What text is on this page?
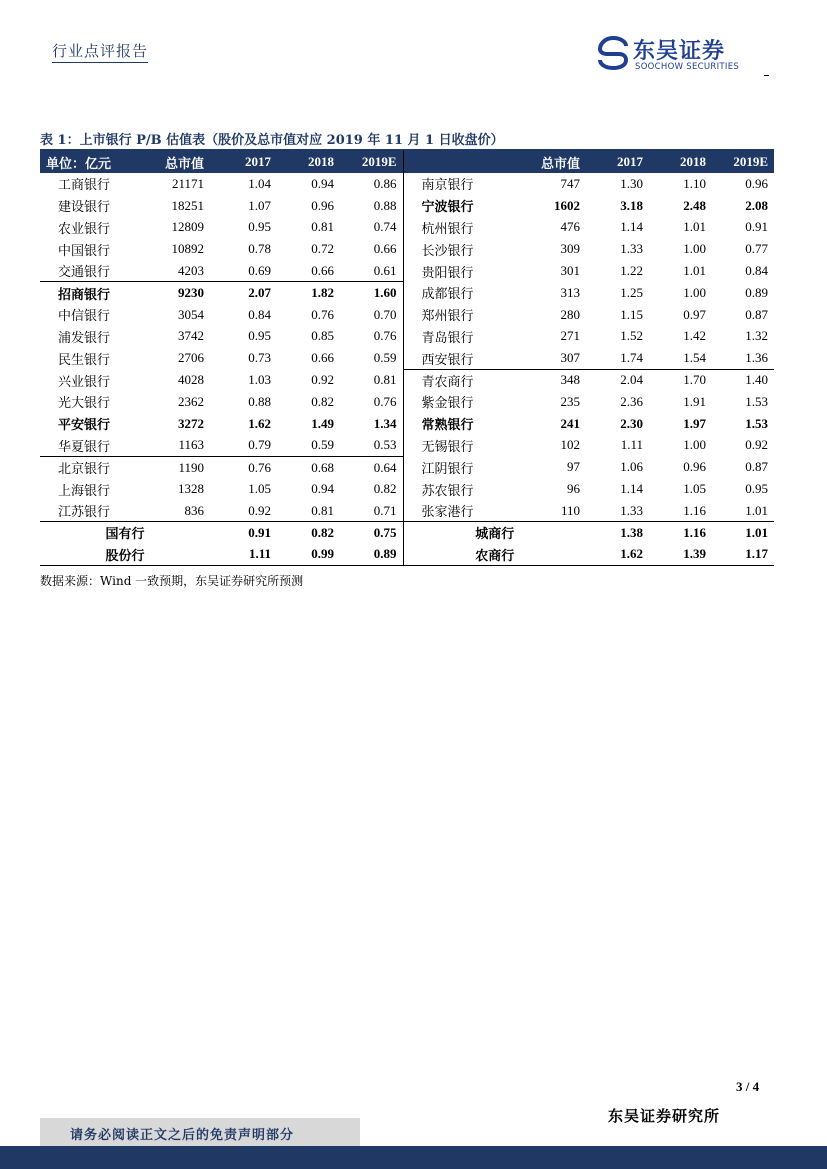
行业点评报告	东吴证券
SOOCHOW SECURITIES
表 1：上市银行 P/B 估值表（股价及总市值对应 2019 年 11 月 1 日收盘价）
单位：亿元	总市值	2017	2018	2019E		总市值	2017	2018	2019E
工商银行	21171	1.04	0.94	0.86	南京银行	747	1.30	1.10	0.96
建设银行	18251	1.07	0.96	0.88	宁波银行	1602	3.18	2.48	2.08
农业银行	12809	0.95	0.81	0.74	杭州银行	476	1.14	1.01	0.91
中国银行	10892	0.78	0.72	0.66	长沙银行	309	1.33	1.00	0.77
交通银行	4203	0.69	0.66	0.61	贵阳银行	301	1.22	1.01	0.84
招商银行	9230	2.07	1.82	1.60	成都银行	313	1.25	1.00	0.89
中信银行	3054	0.84	0.76	0.70	郑州银行	280	1.15	0.97	0.87
浦发银行	3742	0.95	0.85	0.76	青岛银行	271	1.52	1.42	1.32
民生银行	2706	0.73	0.66	0.59	西安银行	307	1.74	1.54	1.36
兴业银行	4028	1.03	0.92	0.81	青农商行	348	2.04	1.70	1.40
光大银行	2362	0.88	0.82	0.76	紫金银行	235	2.36	1.91	1.53
平安银行	3272	1.62	1.49	1.34	常熟银行	241	2.30	1.97	1.53
华夏银行	1163	0.79	0.59	0.53	无锡银行	102	1.11	1.00	0.92
北京银行	1190	0.76	0.68	0.64	江阴银行	97	1.06	0.96	0.87
上海银行	1328	1.05	0.94	0.82	苏农银行	96	1.14	1.05	0.95
江苏银行	836	0.92	0.81	0.71	张家港行	110	1.33	1.16	1.01
国有行		0.91	0.82	0.75	城商行		1.38	1.16	1.01
股份行		1.11	0.99	0.89	农商行		1.62	1.39	1.17
数据来源：Wind 一致预期，东吴证券研究所预测
3 / 4
东吴证券研究所
请务必阅读正文之后的免责声明部分
